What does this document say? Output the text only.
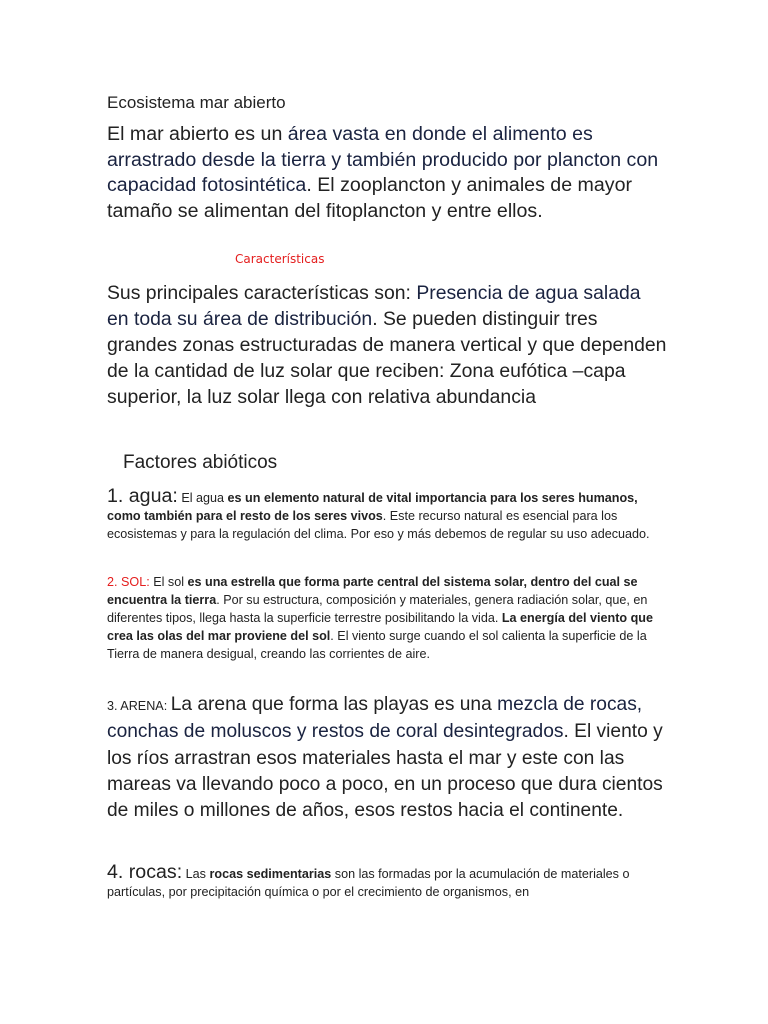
Ecosistema mar abierto
El mar abierto es un área vasta en donde el alimento es arrastrado desde la tierra y también producido por plancton con capacidad fotosintética. El zooplancton y animales de mayor tamaño se alimentan del fitoplancton y entre ellos.
Características
Sus principales características son: Presencia de agua salada en toda su área de distribución. Se pueden distinguir tres grandes zonas estructuradas de manera vertical y que dependen de la cantidad de luz solar que reciben: Zona eufótica –capa superior, la luz solar llega con relativa abundancia
Factores abióticos
1. agua: El agua es un elemento natural de vital importancia para los seres humanos, como también para el resto de los seres vivos. Este recurso natural es esencial para los ecosistemas y para la regulación del clima. Por eso y más debemos de regular su uso adecuado.
2. SOL: El sol es una estrella que forma parte central del sistema solar, dentro del cual se encuentra la tierra. Por su estructura, composición y materiales, genera radiación solar, que, en diferentes tipos, llega hasta la superficie terrestre posibilitando la vida. La energía del viento que crea las olas del mar proviene del sol. El viento surge cuando el sol calienta la superficie de la Tierra de manera desigual, creando las corrientes de aire.
3. ARENA: La arena que forma las playas es una mezcla de rocas, conchas de moluscos y restos de coral desintegrados. El viento y los ríos arrastran esos materiales hasta el mar y este con las mareas va llevando poco a poco, en un proceso que dura cientos de miles o millones de años, esos restos hacia el continente.
4. rocas: Las rocas sedimentarias son las formadas por la acumulación de materiales o partículas, por precipitación química o por el crecimiento de organismos, en
